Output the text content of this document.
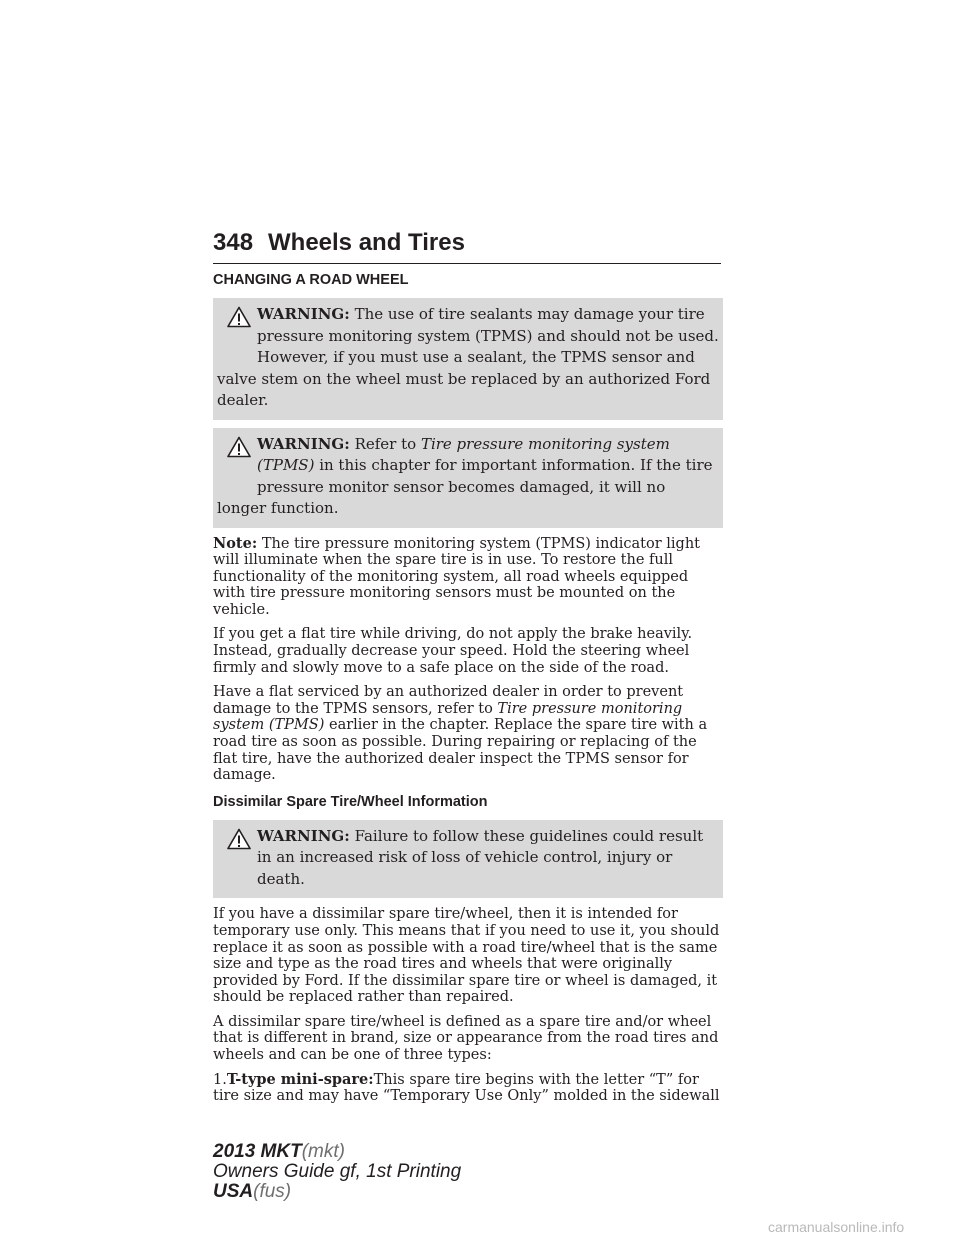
348 Wheels and Tires
CHANGING A ROAD WHEEL
WARNING: The use of tire sealants may damage your tire pressure monitoring system (TPMS) and should not be used. However, if you must use a sealant, the TPMS sensor and valve stem on the wheel must be replaced by an authorized Ford dealer.
WARNING: Refer to Tire pressure monitoring system (TPMS) in this chapter for important information. If the tire pressure monitor sensor becomes damaged, it will no longer function.

Note: The tire pressure monitoring system (TPMS) indicator light will illuminate when the spare tire is in use. To restore the full functionality of the monitoring system, all road wheels equipped with tire pressure monitoring sensors must be mounted on the vehicle.

If you get a flat tire while driving, do not apply the brake heavily. Instead, gradually decrease your speed. Hold the steering wheel firmly and slowly move to a safe place on the side of the road.

Have a flat serviced by an authorized dealer in order to prevent damage to the TPMS sensors, refer to Tire pressure monitoring system (TPMS) earlier in the chapter. Replace the spare tire with a road tire as soon as possible. During repairing or replacing of the flat tire, have the authorized dealer inspect the TPMS sensor for damage.

Dissimilar Spare Tire/Wheel Information
WARNING: Failure to follow these guidelines could result in an increased risk of loss of vehicle control, injury or death.

If you have a dissimilar spare tire/wheel, then it is intended for temporary use only. This means that if you need to use it, you should replace it as soon as possible with a road tire/wheel that is the same size and type as the road tires and wheels that were originally provided by Ford. If the dissimilar spare tire or wheel is damaged, it should be replaced rather than repaired.

A dissimilar spare tire/wheel is defined as a spare tire and/or wheel that is different in brand, size or appearance from the road tires and wheels and can be one of three types:

1.T-type mini-spare:This spare tire begins with the letter “T” for tire size and may have “Temporary Use Only” molded in the sidewall

2013 MKT(mkt)
Owners Guide gf, 1st Printing
USA(fus)
carmanualsonline.info
